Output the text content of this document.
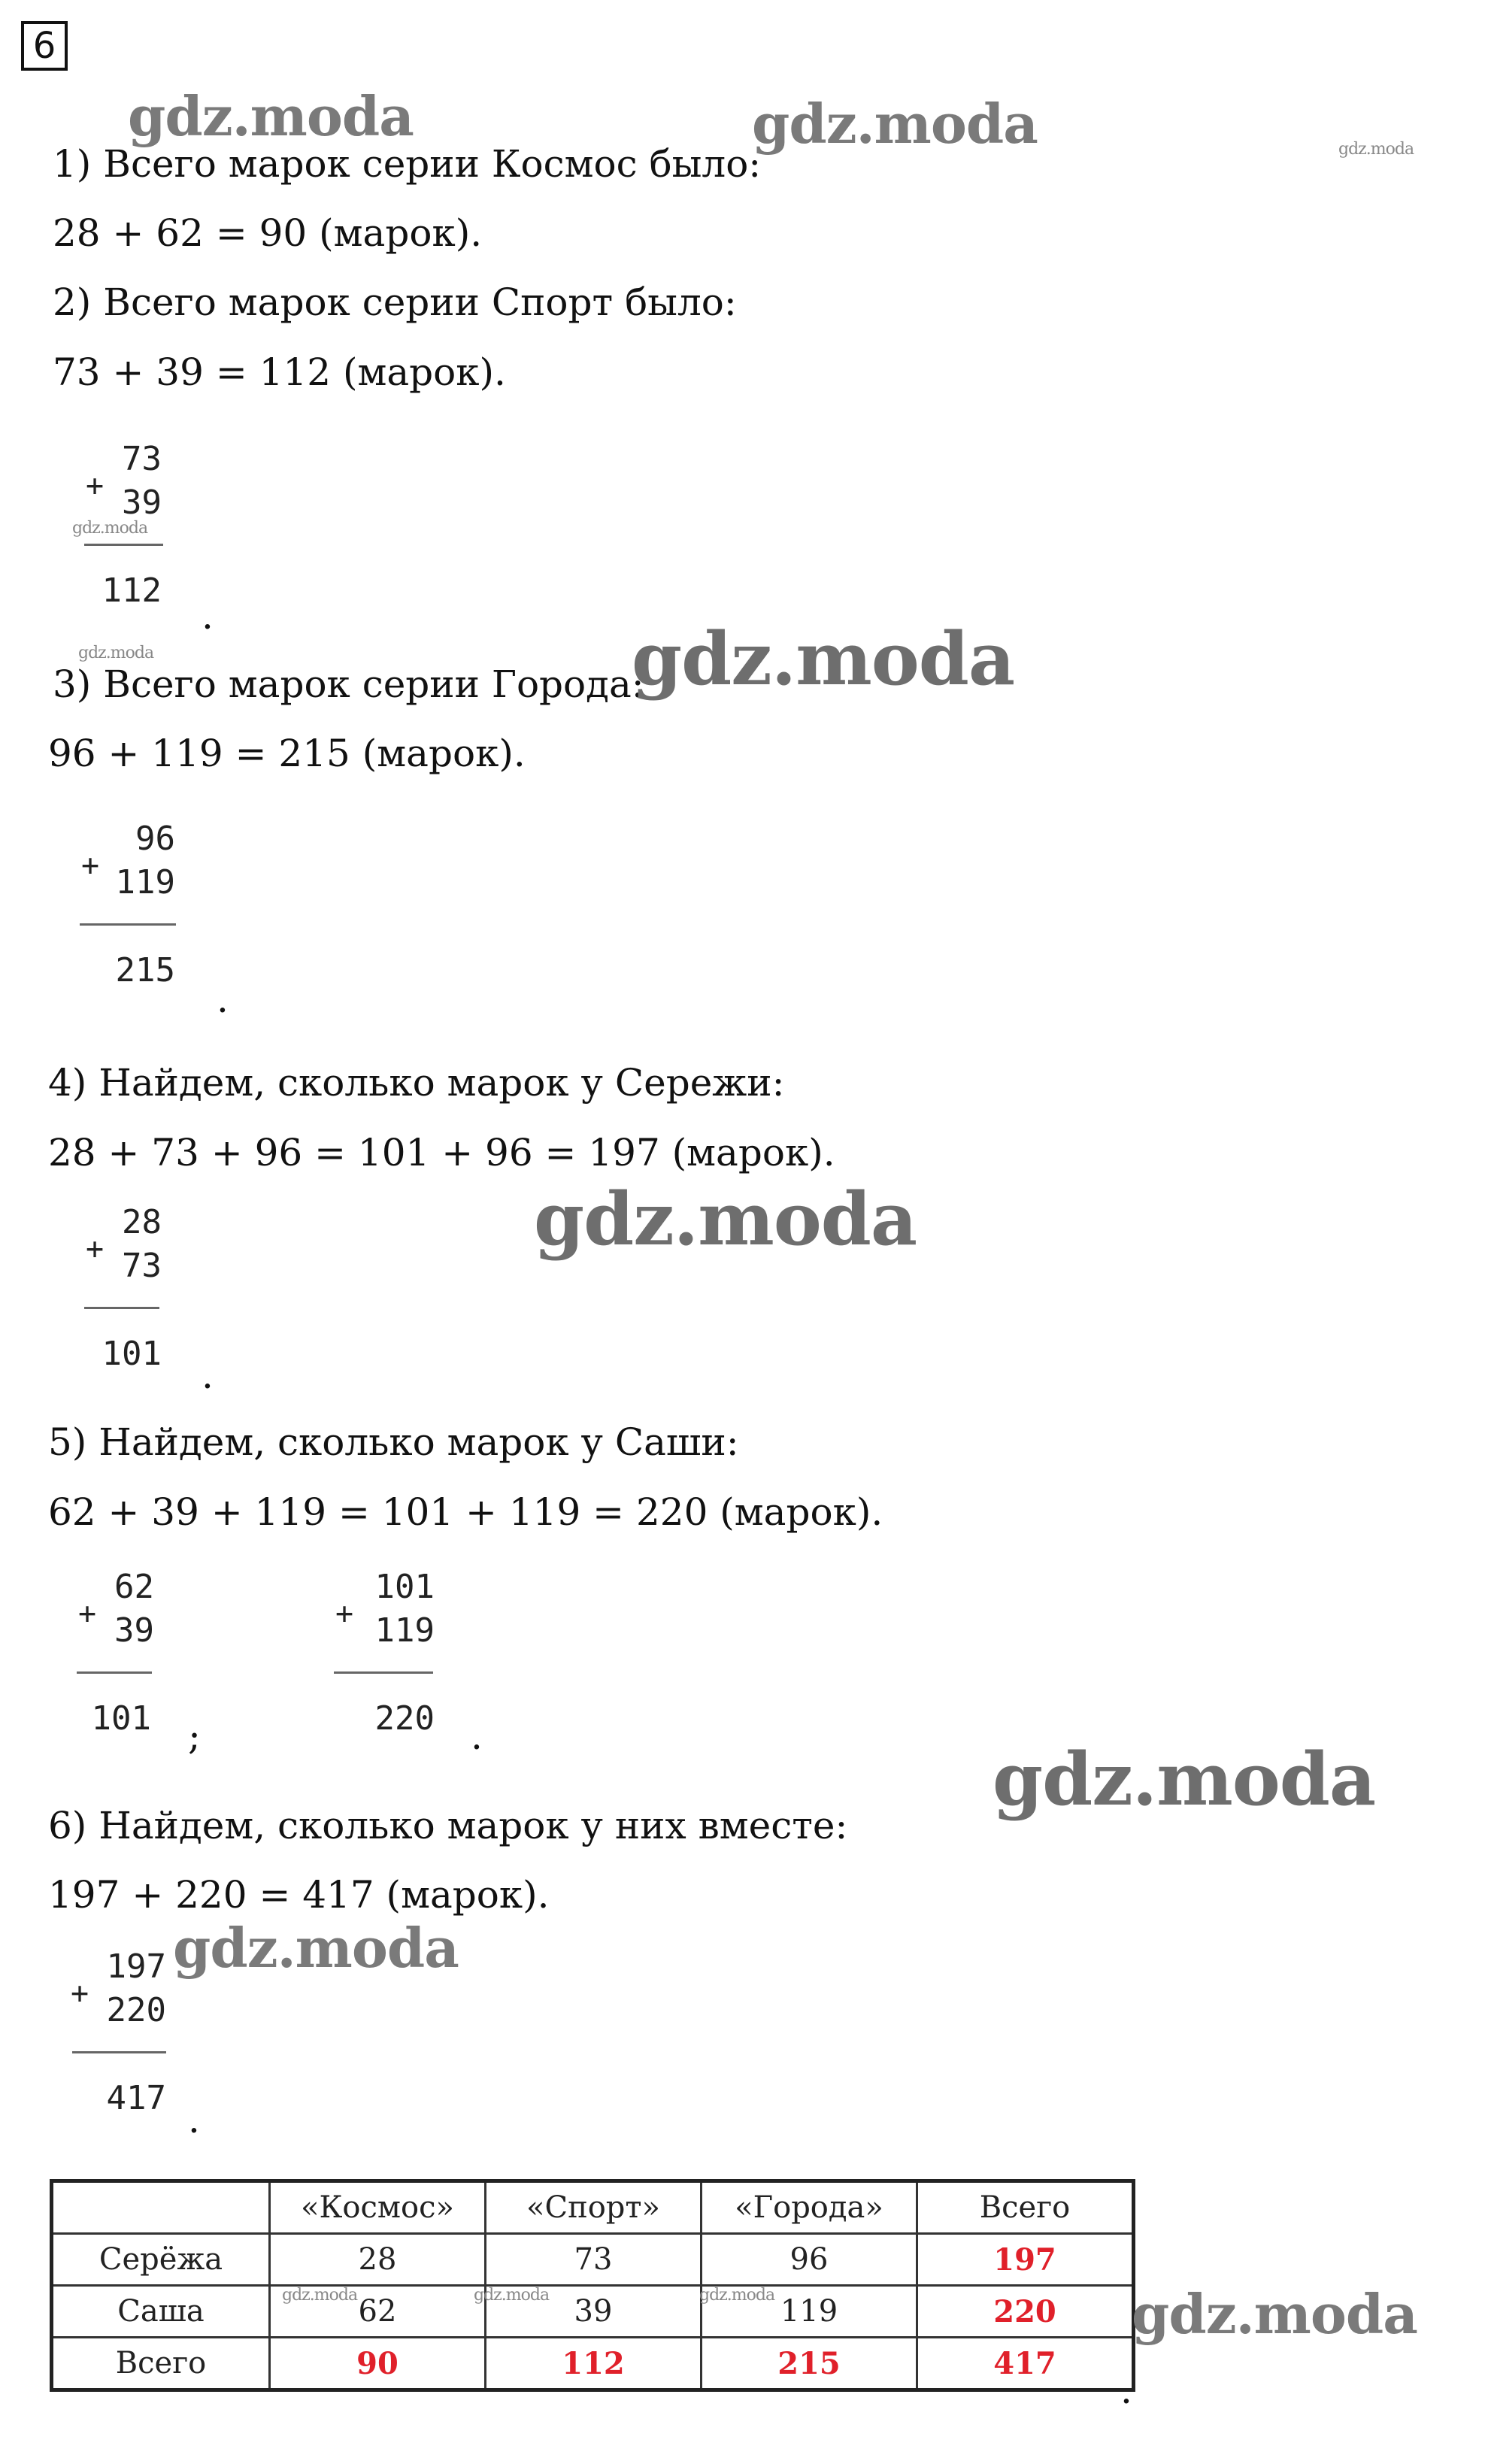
6
1) Всего марок серии Космос было:
28 + 62 = 90 (марок).
2) Всего марок серии Спорт было:
73 + 39 = 112 (марок).
+
73
39
112
.
3) Всего марок серии Города:
96 + 119 = 215 (марок).
+
96
119
215
.
4) Найдем, сколько марок у Сережи:
28 + 73 + 96 = 101 + 96 = 197 (марок).
+
28
73
101 .
5) Найдем, сколько марок у Саши:
62 + 39 + 119 = 101 + 119 = 220 (марок).
+
62
39
101 ;
+
101
119
220 .
6) Найдем, сколько марок у них вместе:
197 + 220 = 417 (марок).
+
197
220
417 .
	«Космос»	«Спорт»	«Города»	Всего
Серёжа	28	73	96	197
Саша	62	39	119	220
Всего	90	112	215	417
.
gdz.moda	gdz.moda	gdz.moda
gdz.moda
gdz.moda	gdz.moda
gdz.moda
gdz.moda
gdz.moda
gdz.moda
gdz.moda	gdz.moda	gdz.moda
